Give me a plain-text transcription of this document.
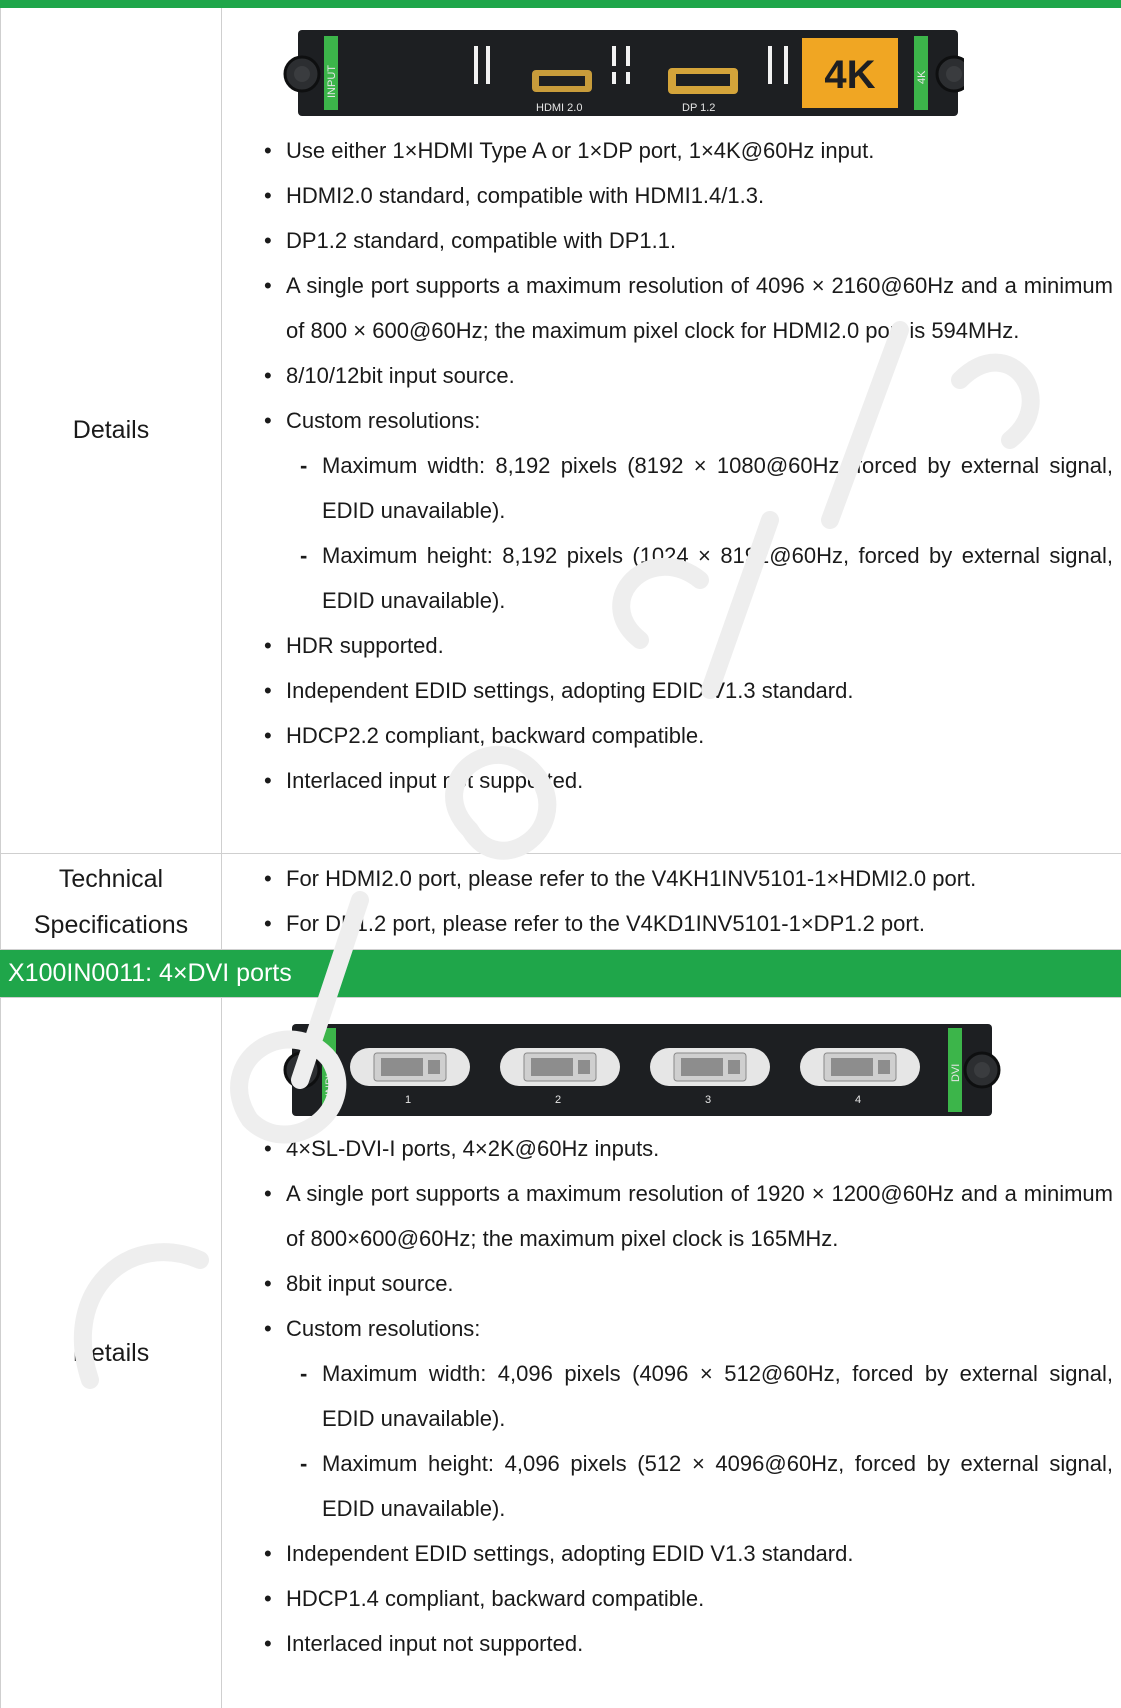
Details
INPUT
HDMI 2.0	DP 1.2
4K	4K
• Use either 1×HDMI Type A or 1×DP port, 1×4K@60Hz input.
• HDMI2.0 standard, compatible with HDMI1.4/1.3.
• DP1.2 standard, compatible with DP1.1.
• A single port supports a maximum resolution of 4096 × 2160@60Hz and a minimum of 800 × 600@60Hz; the maximum pixel clock for HDMI2.0 port is 594MHz.
• 8/10/12bit input source.
• Custom resolutions:
- Maximum width: 8,192 pixels (8192 × 1080@60Hz, forced by external signal, EDID unavailable).
- Maximum height: 8,192 pixels (1024 × 8192@60Hz, forced by external signal, EDID unavailable).
• HDR supported.
• Independent EDID settings, adopting EDID V1.3 standard.
• HDCP2.2 compliant, backward compatible.
• Interlaced input not supported.
Technical
Specifications
• For HDMI2.0 port, please refer to the V4KH1INV5101-1×HDMI2.0 port.
• For DP1.2 port, please refer to the V4KD1INV5101-1×DP1.2 port.
X100IN0011: 4×DVI ports
Details
INPUT
1	2	3	4
DVI
• 4×SL-DVI-I ports, 4×2K@60Hz inputs.
• A single port supports a maximum resolution of 1920 × 1200@60Hz and a minimum of 800×600@60Hz; the maximum pixel clock is 165MHz.
• 8bit input source.
• Custom resolutions:
- Maximum width: 4,096 pixels (4096 × 512@60Hz, forced by external signal, EDID unavailable).
- Maximum height: 4,096 pixels (512 × 4096@60Hz, forced by external signal, EDID unavailable).
• Independent EDID settings, adopting EDID V1.3 standard.
• HDCP1.4 compliant, backward compatible.
• Interlaced input not supported.
